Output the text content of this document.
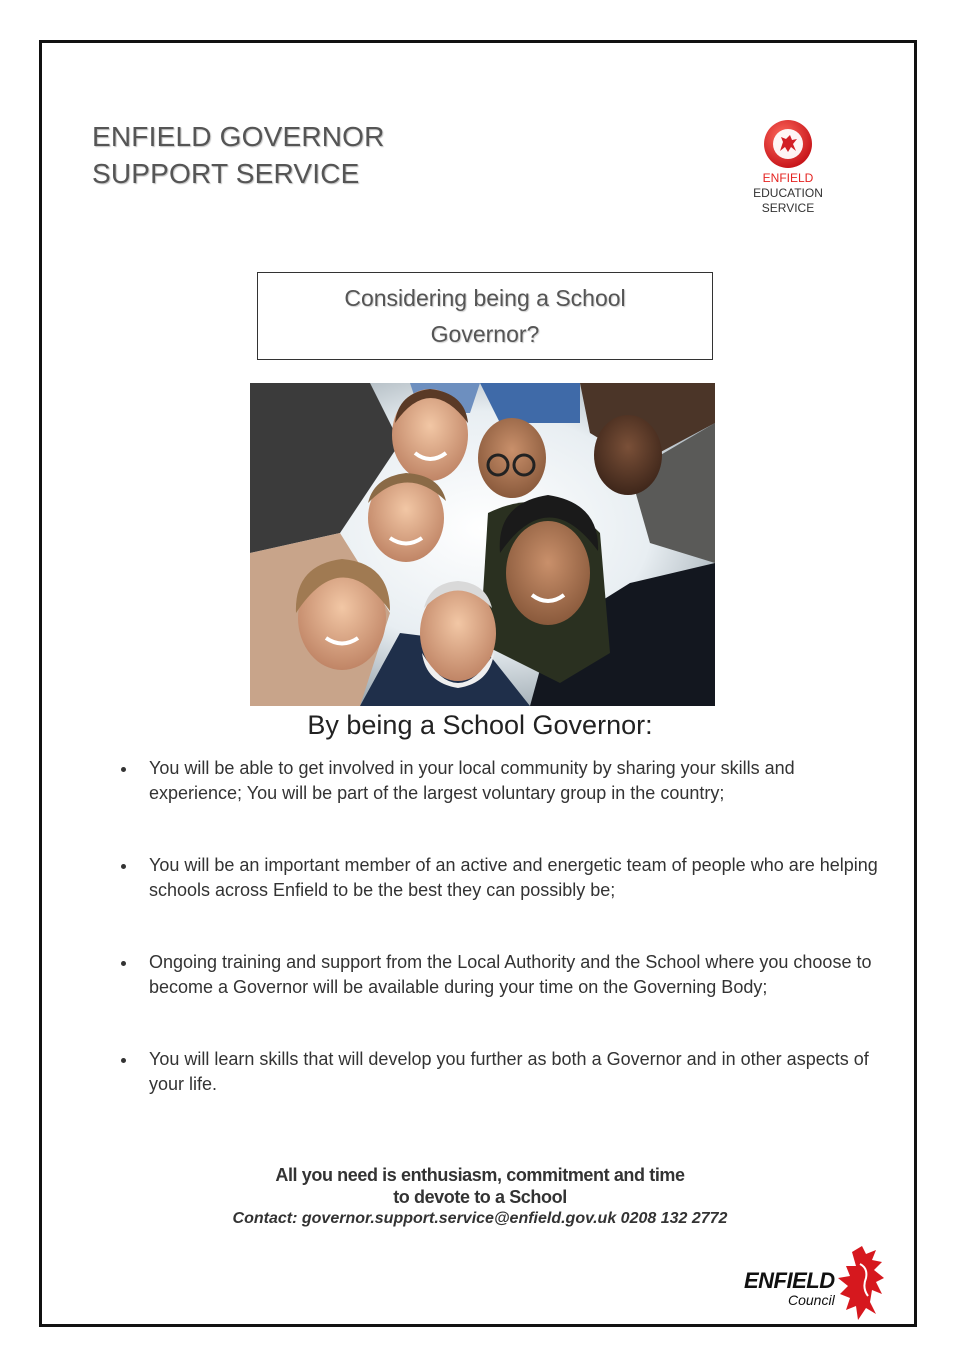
ENFIELD GOVERNOR
SUPPORT SERVICE	ENFIELD
EDUCATION
SERVICE
Considering being a School
Governor?
By being a School Governor:
You will be able to get involved in your local community by sharing your skills and experience; You will be part of the largest voluntary group in the country;
You will be an important member of an active and energetic team of people who are helping schools across Enfield to be the best they can possibly be;
Ongoing training and support from the Local Authority and the School where you choose to become a Governor will be available during your time on the Governing Body;
You will learn skills that will develop you further as both a Governor and in other aspects of your life.
All you need is enthusiasm, commitment and time
to devote to a School
Contact: governor.support.service@enfield.gov.uk 0208 132 2772
ENFIELD
Council
